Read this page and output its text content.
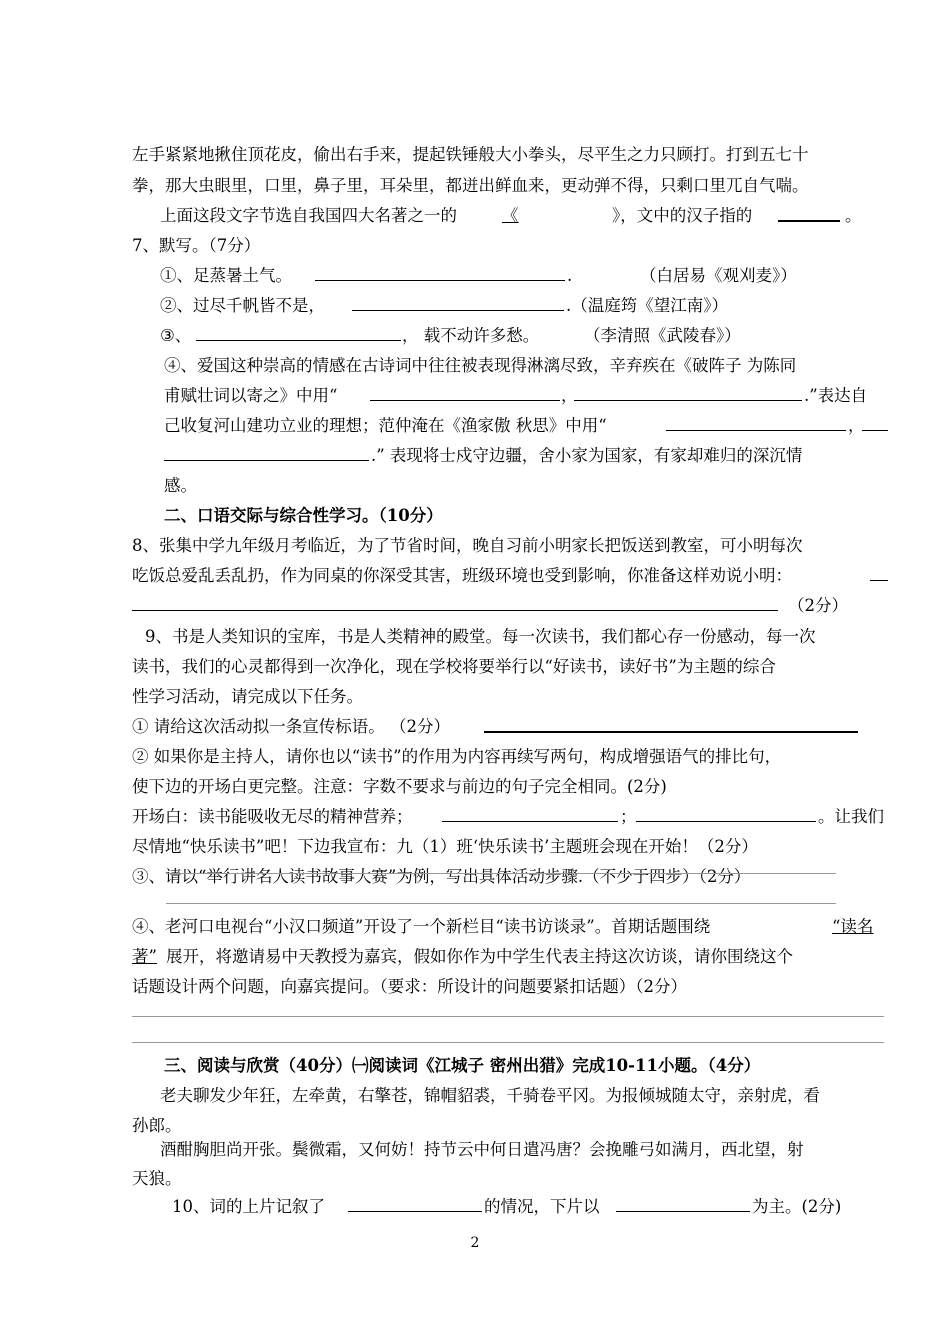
左手紧紧地揪住顶花皮，偷出右手来，提起铁锤般大小拳头，尽平生之力只顾打。打到五七十
拳，那大虫眼里，口里，鼻子里，耳朵里，都迸出鲜血来，更动弹不得，只剩口里兀自气喘。
上面这段文字节选自我国四大名著之一的	《	》，文中的汉子指的	。
7、默写。（7分）
①、足蒸暑土气。	.	（白居易《观刈麦》）
②、过尽千帆皆不是，	.（温庭筠《望江南》）
③、	， 载不动许多愁。	（李清照《武陵春》）
④、爱国这种崇高的情感在古诗词中往往被表现得淋漓尽致，辛弃疾在《破阵子 为陈同
甫赋壮词以寄之》中用“	，	.”表达自
己收复河山建功立业的理想；范仲淹在《渔家傲 秋思》中用“	，
.” 表现将士戍守边疆，舍小家为国家，有家却难归的深沉情
感。
二、口语交际与综合性学习。（10分）
8、张集中学九年级月考临近，为了节省时间，晚自习前小明家长把饭送到教室，可小明每次
吃饭总爱乱丢乱扔，作为同桌的你深受其害，班级环境也受到影响，你准备这样劝说小明：
（2分）
9、书是人类知识的宝库，书是人类精神的殿堂。每一次读书，我们都心存一份感动，每一次
读书，我们的心灵都得到一次净化，现在学校将要举行以“好读书，读好书”为主题的综合
性学习活动，请完成以下任务。
① 请给这次活动拟一条宣传标语。 （2分）
② 如果你是主持人，请你也以“读书”的作用为内容再续写两句，构成增强语气的排比句，
使下边的开场白更完整。注意：字数不要求与前边的句子完全相同。(2分)
开场白：读书能吸收无尽的精神营养；	；	。让我们
尽情地“快乐读书”吧！下边我宣布：九（1）班‘快乐读书’主题班会现在开始！（2分）
③、请以“举行讲名人读书故事大赛”为例，写出具体活动步骤.（不少于四步）（2分）
④、老河口电视台“小汉口频道”开设了一个新栏目“读书访谈录”。首期话题围绕	“读名
著” 展开，将邀请易中天教授为嘉宾，假如你作为中学生代表主持这次访谈，请你围绕这个
话题设计两个问题，向嘉宾提问。（要求：所设计的问题要紧扣话题）（2分）
三、阅读与欣赏（40分）㈠阅读词《江城子 密州出猎》完成10-11小题。（4分）
老夫聊发少年狂，左牵黄，右擎苍，锦帽貂裘，千骑卷平冈。为报倾城随太守，亲射虎，看
孙郎。
酒酣胸胆尚开张。鬓微霜，又何妨！持节云中何日遣冯唐？会挽雕弓如满月，西北望，射
天狼。
10、词的上片记叙了	的情况，下片以	为主。(2分)
2
